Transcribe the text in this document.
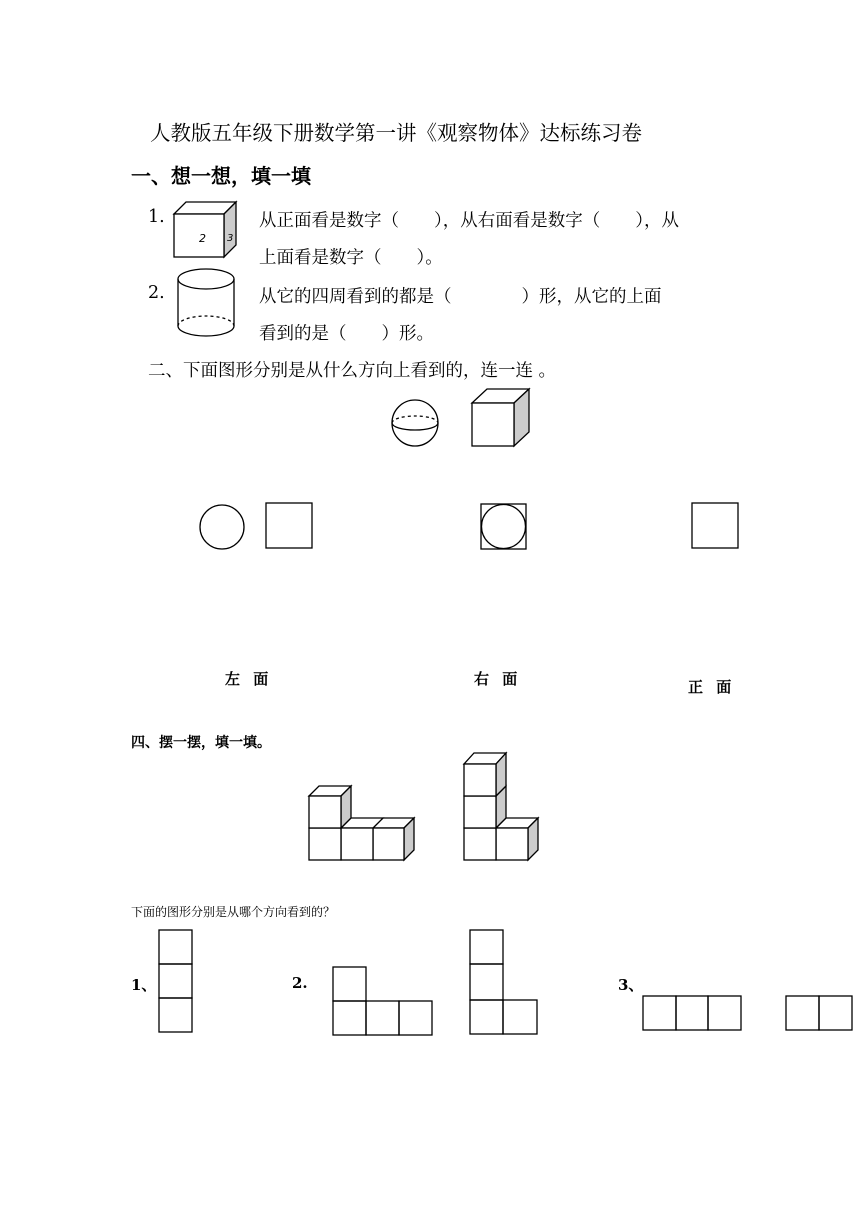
人教版五年级下册数学第一讲《观察物体》达标练习卷
一、想一想，填一填
1.	从正面看是数字（　　），从右面看是数字（　　），从
上面看是数字（　　）。
2.	从它的四周看到的都是（　　　　）形，从它的上面
看到的是（　　）形。
二、下面图形分别是从什么方向上看到的，连一连 。
左 面	右 面	正 面
四、摆一摆，填一填。
下面的图形分别是从哪个方向看到的？
1、	2.	3、
2 3
